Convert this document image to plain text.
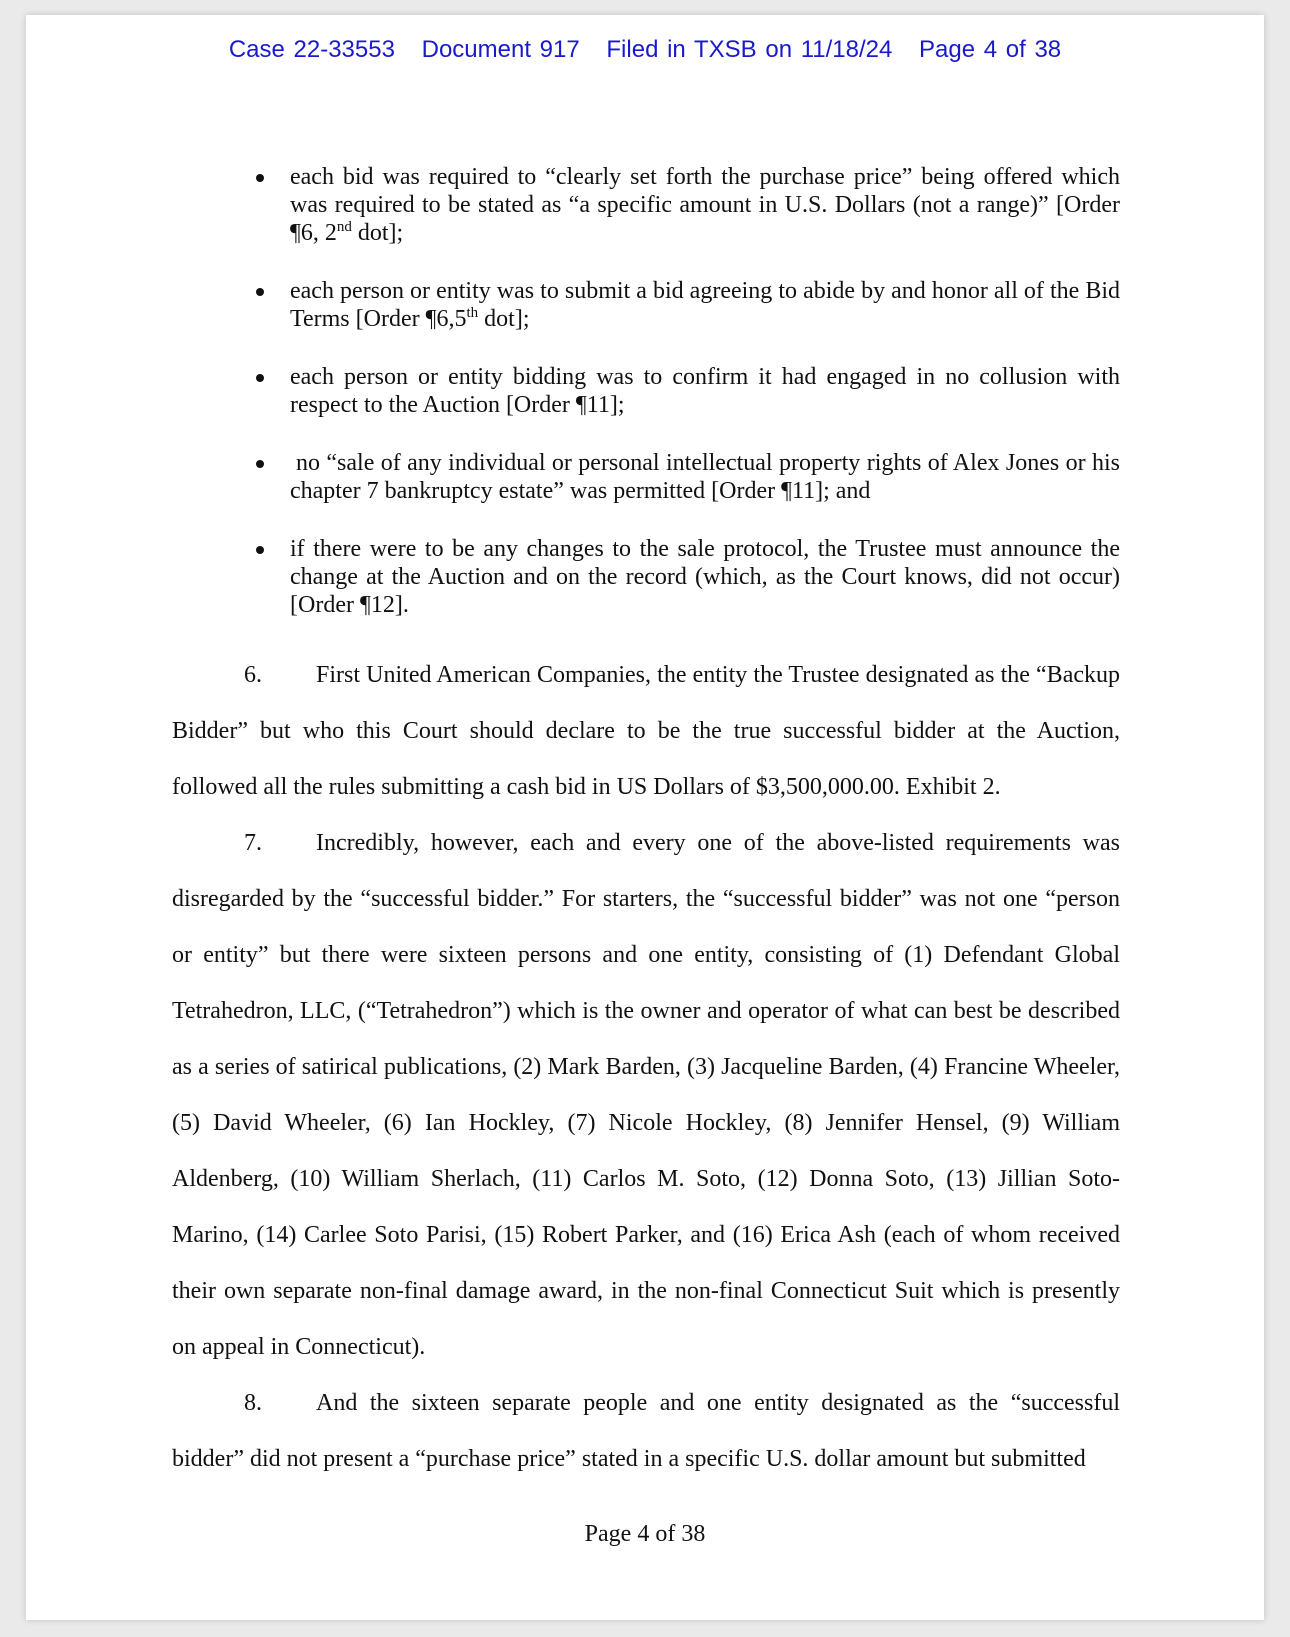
Case 22-33553 Document 917 Filed in TXSB on 11/18/24 Page 4 of 38
each bid was required to “clearly set forth the purchase price” being offered which was required to be stated as “a specific amount in U.S. Dollars (not a range)” [Order ¶6, 2nd dot];
each person or entity was to submit a bid agreeing to abide by and honor all of the Bid Terms [Order ¶6,5th dot];
each person or entity bidding was to confirm it had engaged in no collusion with respect to the Auction [Order ¶11];
no “sale of any individual or personal intellectual property rights of Alex Jones or his chapter 7 bankruptcy estate” was permitted [Order ¶11]; and
if there were to be any changes to the sale protocol, the Trustee must announce the change at the Auction and on the record (which, as the Court knows, did not occur) [Order ¶12].

6. First United American Companies, the entity the Trustee designated as the “Backup Bidder” but who this Court should declare to be the true successful bidder at the Auction, followed all the rules submitting a cash bid in US Dollars of $3,500,000.00. Exhibit 2.

7. Incredibly, however, each and every one of the above-listed requirements was disregarded by the “successful bidder.” For starters, the “successful bidder” was not one “person or entity” but there were sixteen persons and one entity, consisting of (1) Defendant Global Tetrahedron, LLC, (“Tetrahedron”) which is the owner and operator of what can best be described as a series of satirical publications, (2) Mark Barden, (3) Jacqueline Barden, (4) Francine Wheeler, (5) David Wheeler, (6) Ian Hockley, (7) Nicole Hockley, (8) Jennifer Hensel, (9) William Aldenberg, (10) William Sherlach, (11) Carlos M. Soto, (12) Donna Soto, (13) Jillian Soto-Marino, (14) Carlee Soto Parisi, (15) Robert Parker, and (16) Erica Ash (each of whom received their own separate non-final damage award, in the non-final Connecticut Suit which is presently on appeal in Connecticut).

8. And the sixteen separate people and one entity designated as the “successful bidder” did not present a “purchase price” stated in a specific U.S. dollar amount but submitted

Page 4 of 38
